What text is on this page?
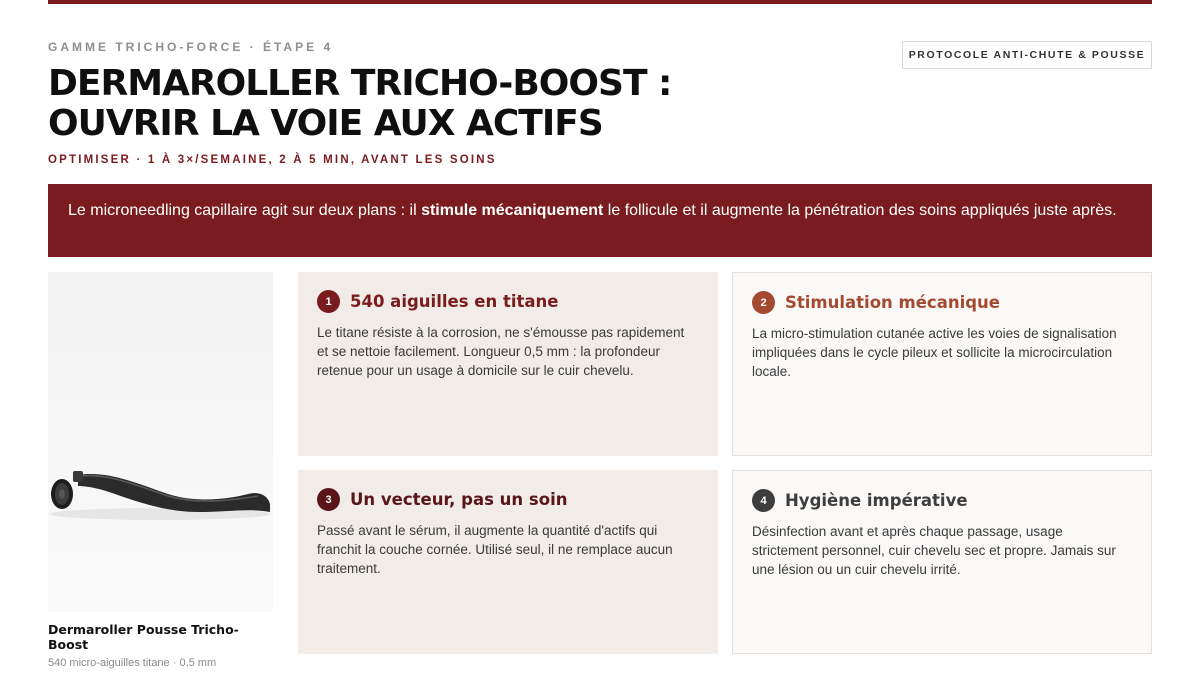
GAMME TRICHO-FORCE · ÉTAPE 4
PROTOCOLE ANTI-CHUTE & POUSSE
DERMAROLLER TRICHO-BOOST :
OUVRIR LA VOIE AUX ACTIFS
OPTIMISER · 1 À 3×/SEMAINE, 2 À 5 MIN, AVANT LES SOINS
Le microneedling capillaire agit sur deux plans : il stimule mécaniquement le follicule et il augmente la pénétration des soins appliqués juste après.
Dermaroller Pousse Tricho-Boost
540 micro-aiguilles titane · 0,5 mm
1	540 aiguilles en titane

Le titane résiste à la corrosion, ne s'émousse pas rapidement et se nettoie facilement. Longueur 0,5 mm : la profondeur retenue pour un usage à domicile sur le cuir chevelu.

2	Stimulation mécanique

La micro-stimulation cutanée active les voies de signalisation impliquées dans le cycle pileux et sollicite la microcirculation locale.

3	Un vecteur, pas un soin

Passé avant le sérum, il augmente la quantité d'actifs qui franchit la couche cornée. Utilisé seul, il ne remplace aucun traitement.

4	Hygiène impérative

Désinfection avant et après chaque passage, usage strictement personnel, cuir chevelu sec et propre. Jamais sur une lésion ou un cuir chevelu irrité.
